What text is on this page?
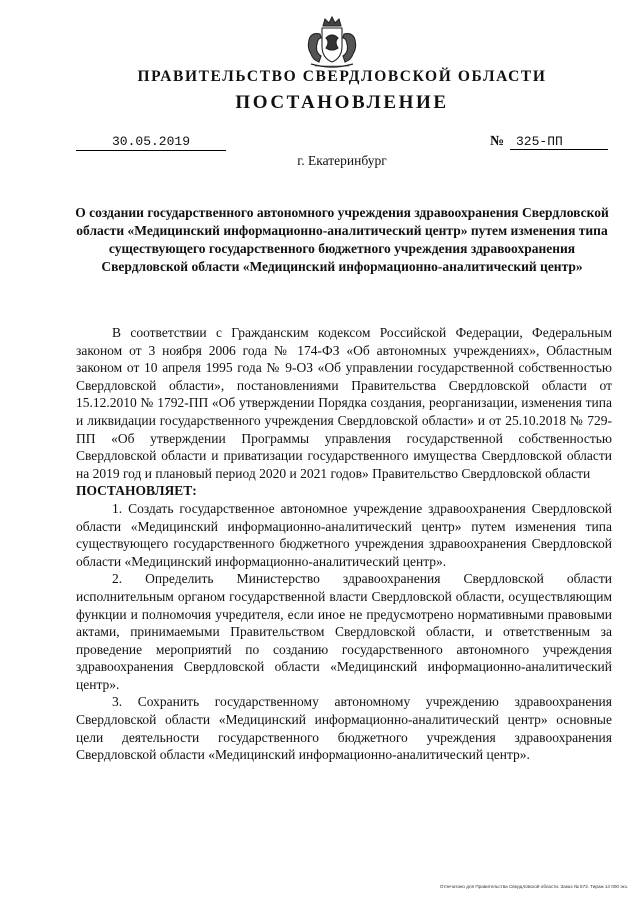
ПРАВИТЕЛЬСТВО СВЕРДЛОВСКОЙ ОБЛАСТИ
ПОСТАНОВЛЕНИЕ
30.05.2019	№ 325-ПП
г. Екатеринбург
О создании государственного автономного учреждения здравоохранения Свердловской области «Медицинский информационно-аналитический центр» путем изменения типа существующего государственного бюджетного учреждения здравоохранения Свердловской области «Медицинский информационно-аналитический центр»

В соответствии с Гражданским кодексом Российской Федерации, Федеральным законом от 3 ноября 2006 года № 174-ФЗ «Об автономных учреждениях», Областным законом от 10 апреля 1995 года № 9-ОЗ «Об управлении государственной собственностью Свердловской области», постановлениями Правительства Свердловской области от 15.12.2010 № 1792-ПП «Об утверждении Порядка создания, реорганизации, изменения типа и ликвидации государственного учреждения Свердловской области» и от 25.10.2018 № 729-ПП «Об утверждении Программы управления государственной собственностью Свердловской области и приватизации государственного имущества Свердловской области на 2019 год и плановый период 2020 и 2021 годов» Правительство Свердловской области

ПОСТАНОВЛЯЕТ:

1. Создать государственное автономное учреждение здравоохранения Свердловской области «Медицинский информационно-аналитический центр» путем изменения типа существующего государственного бюджетного учреждения здравоохранения Свердловской области «Медицинский информационно-аналитический центр».

2. Определить Министерство здравоохранения Свердловской области исполнительным органом государственной власти Свердловской области, осуществляющим функции и полномочия учредителя, если иное не предусмотрено нормативными правовыми актами, принимаемыми Правительством Свердловской области, и ответственным за проведение мероприятий по созданию государственного автономного учреждения здравоохранения Свердловской области «Медицинский информационно-аналитический центр».

3. Сохранить государственному автономному учреждению здравоохранения Свердловской области «Медицинский информационно-аналитический центр» основные цели деятельности государственного бюджетного учреждения здравоохранения Свердловской области «Медицинский информационно-аналитический центр».

Отпечатано для Правительства Свердловской области. Заказ № 573. Тираж 14 000 экз.
